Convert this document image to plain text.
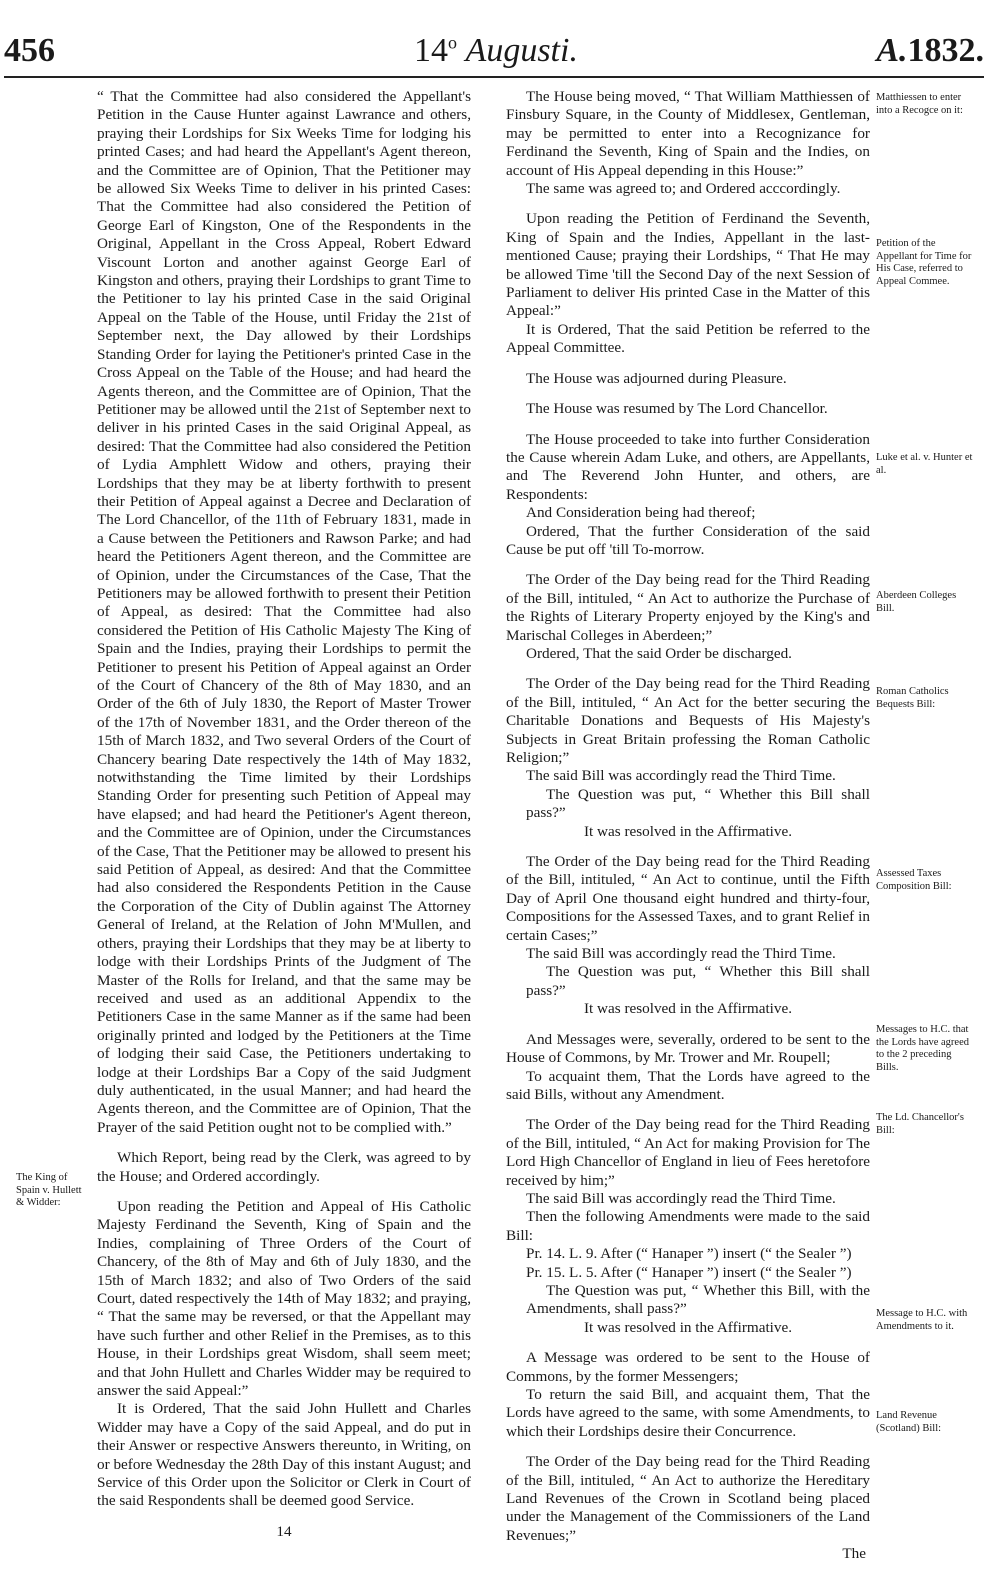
456	14$^o$ Augusti.	A.1832.

“ That the Committee had also considered the Appellant's Petition in the Cause Hunter against Lawrance and others, praying their Lordships for Six Weeks Time for lodging his printed Cases; and had heard the Appellant's Agent thereon, and the Committee are of Opinion, That the Petitioner may be allowed Six Weeks Time to deliver in his printed Cases: That the Committee had also considered the Petition of George Earl of Kingston, One of the Respondents in the Original, Appellant in the Cross Appeal, Robert Edward Viscount Lorton and another against George Earl of Kingston and others, praying their Lordships to grant Time to the Petitioner to lay his printed Case in the said Original Appeal on the Table of the House, until Friday the 21st of September next, the Day allowed by their Lordships Standing Order for laying the Petitioner's printed Case in the Cross Appeal on the Table of the House; and had heard the Agents thereon, and the Committee are of Opinion, That the Petitioner may be allowed until the 21st of September next to deliver in his printed Cases in the said Original Appeal, as desired: That the Committee had also considered the Petition of Lydia Amphlett Widow and others, praying their Lordships that they may be at liberty forthwith to present their Petition of Appeal against a Decree and Declaration of The Lord Chancellor, of the 11th of February 1831, made in a Cause between the Petitioners and Rawson Parke; and had heard the Petitioners Agent thereon, and the Committee are of Opinion, under the Circumstances of the Case, That the Petitioners may be allowed forthwith to present their Petition of Appeal, as desired: That the Committee had also considered the Petition of His Catholic Majesty The King of Spain and the Indies, praying their Lordships to permit the Petitioner to present his Petition of Appeal against an Order of the Court of Chancery of the 8th of May 1830, and an Order of the 6th of July 1830, the Report of Master Trower of the 17th of November 1831, and the Order thereon of the 15th of March 1832, and Two several Orders of the Court of Chancery bearing Date respectively the 14th of May 1832, notwithstanding the Time limited by their Lordships Standing Order for presenting such Petition of Appeal may have elapsed; and had heard the Petitioner's Agent thereon, and the Committee are of Opinion, under the Circumstances of the Case, That the Petitioner may be allowed to present his said Petition of Appeal, as desired: And that the Committee had also considered the Respondents Petition in the Cause the Corporation of the City of Dublin against The Attorney General of Ireland, at the Relation of John M'Mullen, and others, praying their Lordships that they may be at liberty to lodge with their Lordships Prints of the Judgment of The Master of the Rolls for Ireland, and that the same may be received and used as an additional Appendix to the Petitioners Case in the same Manner as if the same had been originally printed and lodged by the Petitioners at the Time of lodging their said Case, the Petitioners undertaking to lodge at their Lordships Bar a Copy of the said Judgment duly authenticated, in the usual Manner; and had heard the Agents thereon, and the Committee are of Opinion, That the Prayer of the said Petition ought not to be complied with.”

Which Report, being read by the Clerk, was agreed to by the House; and Ordered accordingly.

Upon reading the Petition and Appeal of His Catholic Majesty Ferdinand the Seventh, King of Spain and the Indies, complaining of Three Orders of the Court of Chancery, of the 8th of May and 6th of July 1830, and the 15th of March 1832; and also of Two Orders of the said Court, dated respectively the 14th of May 1832; and praying, “ That the same may be reversed, or that the Appellant may have such further and other Relief in the Premises, as to this House, in their Lordships great Wisdom, shall seem meet; and that John Hullett and Charles Widder may be required to answer the said Appeal:”

It is Ordered, That the said John Hullett and Charles Widder may have a Copy of the said Appeal, and do put in their Answer or respective Answers thereunto, in Writing, on or before Wednesday the 28th Day of this instant August; and Service of this Order upon the Solicitor or Clerk in Court of the said Respondents shall be deemed good Service.

14
The King of Spain v. Hullett & Widder:

The House being moved, “ That William Matthiessen of Finsbury Square, in the County of Middlesex, Gentleman, may be permitted to enter into a Recognizance for Ferdinand the Seventh, King of Spain and the Indies, on account of His Appeal depending in this House:”

The same was agreed to; and Ordered acccordingly.

Upon reading the Petition of Ferdinand the Seventh, King of Spain and the Indies, Appellant in the last-mentioned Cause; praying their Lordships, “ That He may be allowed Time 'till the Second Day of the next Session of Parliament to deliver His printed Case in the Matter of this Appeal:”

It is Ordered, That the said Petition be referred to the Appeal Committee.

The House was adjourned during Pleasure.

The House was resumed by The Lord Chancellor.

The House proceeded to take into further Consideration the Cause wherein Adam Luke, and others, are Appellants, and The Reverend John Hunter, and others, are Respondents:

And Consideration being had thereof;

Ordered, That the further Consideration of the said Cause be put off 'till To-morrow.

The Order of the Day being read for the Third Reading of the Bill, intituled, “ An Act to authorize the Purchase of the Rights of Literary Property enjoyed by the King's and Marischal Colleges in Aberdeen;”

Ordered, That the said Order be discharged.

The Order of the Day being read for the Third Reading of the Bill, intituled, “ An Act for the better securing the Charitable Donations and Bequests of His Majesty's Subjects in Great Britain professing the Roman Catholic Religion;”

The said Bill was accordingly read the Third Time.

The Question was put, “ Whether this Bill shall pass?”

It was resolved in the Affirmative.

The Order of the Day being read for the Third Reading of the Bill, intituled, “ An Act to continue, until the Fifth Day of April One thousand eight hundred and thirty-four, Compositions for the Assessed Taxes, and to grant Relief in certain Cases;”

The said Bill was accordingly read the Third Time.

The Question was put, “ Whether this Bill shall pass?”

It was resolved in the Affirmative.

And Messages were, severally, ordered to be sent to the House of Commons, by Mr. Trower and Mr. Roupell;

To acquaint them, That the Lords have agreed to the said Bills, without any Amendment.

The Order of the Day being read for the Third Reading of the Bill, intituled, “ An Act for making Provision for The Lord High Chancellor of England in lieu of Fees heretofore received by him;”

The said Bill was accordingly read the Third Time.

Then the following Amendments were made to the said Bill:

Pr. 14. L. 9. After (“ Hanaper ”) insert (“ the Sealer ”)

Pr. 15. L. 5. After (“ Hanaper ”) insert (“ the Sealer ”)

The Question was put, “ Whether this Bill, with the Amendments, shall pass?”

It was resolved in the Affirmative.

A Message was ordered to be sent to the House of Commons, by the former Messengers;

To return the said Bill, and acquaint them, That the Lords have agreed to the same, with some Amendments, to which their Lordships desire their Concurrence.

The Order of the Day being read for the Third Reading of the Bill, intituled, “ An Act to authorize the Hereditary Land Revenues of the Crown in Scotland being placed under the Management of the Commissioners of the Land Revenues;”

The
Matthiessen to enter into a Recogce on it:
Petition of the Appellant for Time for His Case, referred to Appeal Commee.
Luke et al. v. Hunter et al.
Aberdeen Colleges Bill.
Roman Catholics Bequests Bill:
Assessed Taxes Composition Bill:
Messages to H.C. that the Lords have agreed to the 2 preceding Bills.
The Ld. Chancellor's Bill:
Message to H.C. with Amendments to it.
Land Revenue (Scotland) Bill:
